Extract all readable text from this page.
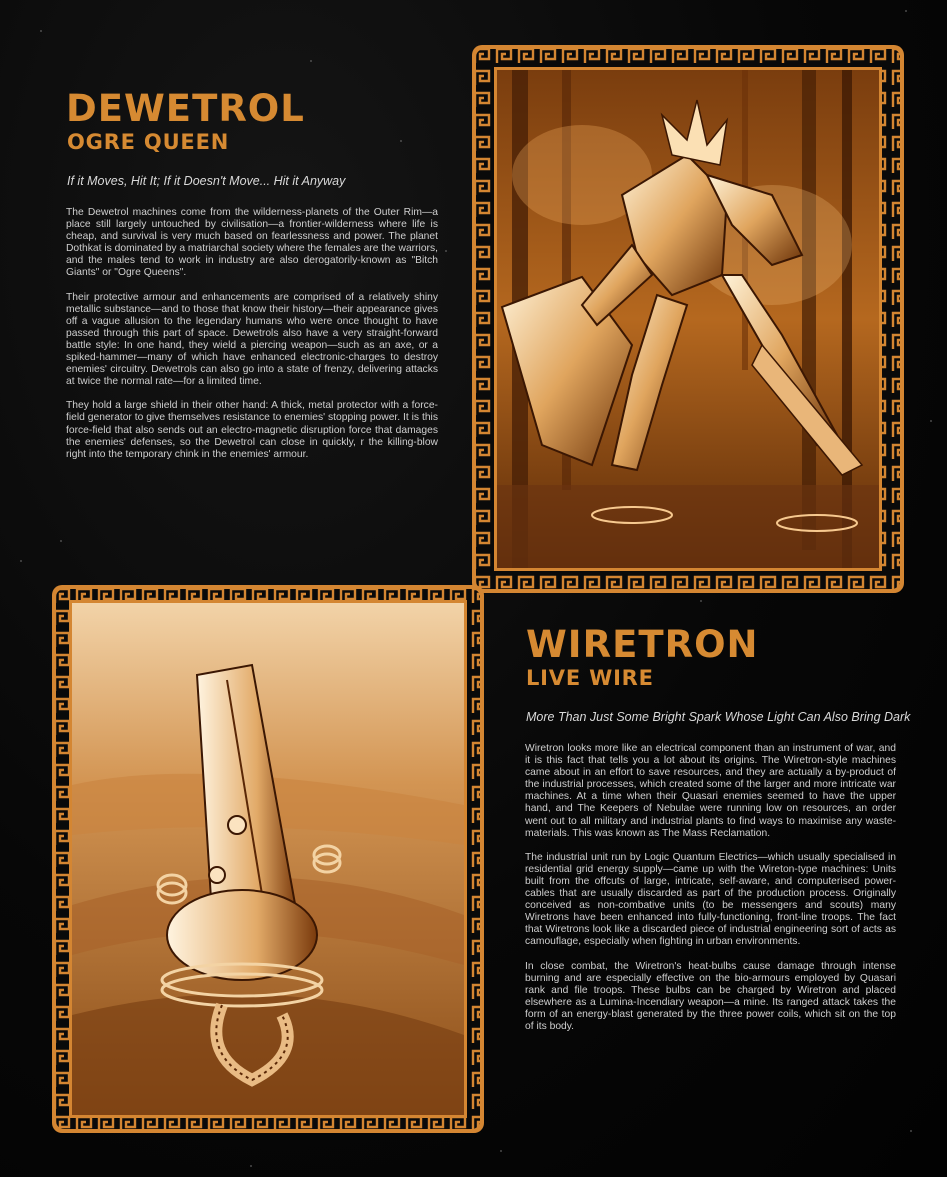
DEWETROL
OGRE QUEEN

If it Moves, Hit It; If it Doesn't Move... Hit it Anyway

The Dewetrol machines come from the wilderness-planets of the Outer Rim—a place still largely untouched by civilisation—a frontier-wilderness where life is cheap, and survival is very much based on fearlessness and power. The planet Dothkat is dominated by a matriarchal society where the females are the warriors, and the males tend to work in industry are also derogatorily-known as "Bitch Giants" or "Ogre Queens".

Their protective armour and enhancements are comprised of a relatively shiny metallic substance—and to those that know their history—their appearance gives off a vague allusion to the legendary humans who were once thought to have passed through this part of space. Dewetrols also have a very straight-forward battle style: In one hand, they wield a piercing weapon—such as an axe, or a spiked-hammer—many of which have enhanced electronic-charges to destroy enemies' circuitry. Dewetrols can also go into a state of frenzy, delivering attacks at twice the normal rate—for a limited time.

They hold a large shield in their other hand: A thick, metal protector with a force-field generator to give themselves resistance to enemies' stopping power. It is this force-field that also sends out an electro-magnetic disruption force that damages the enemies' defenses, so the Dewetrol can close in quickly, r the killing-blow right into the temporary chink in the enemies' armour.

WIRETRON
LIVE WIRE

More Than Just Some Bright Spark Whose Light Can Also Bring Dark

Wiretron looks more like an electrical component than an instrument of war, and it is this fact that tells you a lot about its origins. The Wiretron-style machines came about in an effort to save resources, and they are actually a by-product of the industrial processes, which created some of the larger and more intricate war machines. At a time when their Quasari enemies seemed to have the upper hand, and The Keepers of Nebulae were running low on resources, an order went out to all military and industrial plants to find ways to maximise any waste-materials. This was known as The Mass Reclamation.

The industrial unit run by Logic Quantum Electrics—which usually specialised in residential grid energy supply—came up with the Wireton-type machines: Units built from the offcuts of large, intricate, self-aware, and computerised power-cables that are usually discarded as part of the production process. Originally conceived as non-combative units (to be messengers and scouts) many Wiretrons have been enhanced into fully-functioning, front-line troops. The fact that Wiretrons look like a discarded piece of industrial engineering sort of acts as camouflage, especially when fighting in urban environments.

In close combat, the Wiretron's heat-bulbs cause damage through intense burning and are especially effective on the bio-armours employed by Quasari rank and file troops. These bulbs can be charged by Wiretron and placed elsewhere as a Lumina-Incendiary weapon—a mine. Its ranged attack takes the form of an energy-blast generated by the three power coils, which sit on the top of its body.
